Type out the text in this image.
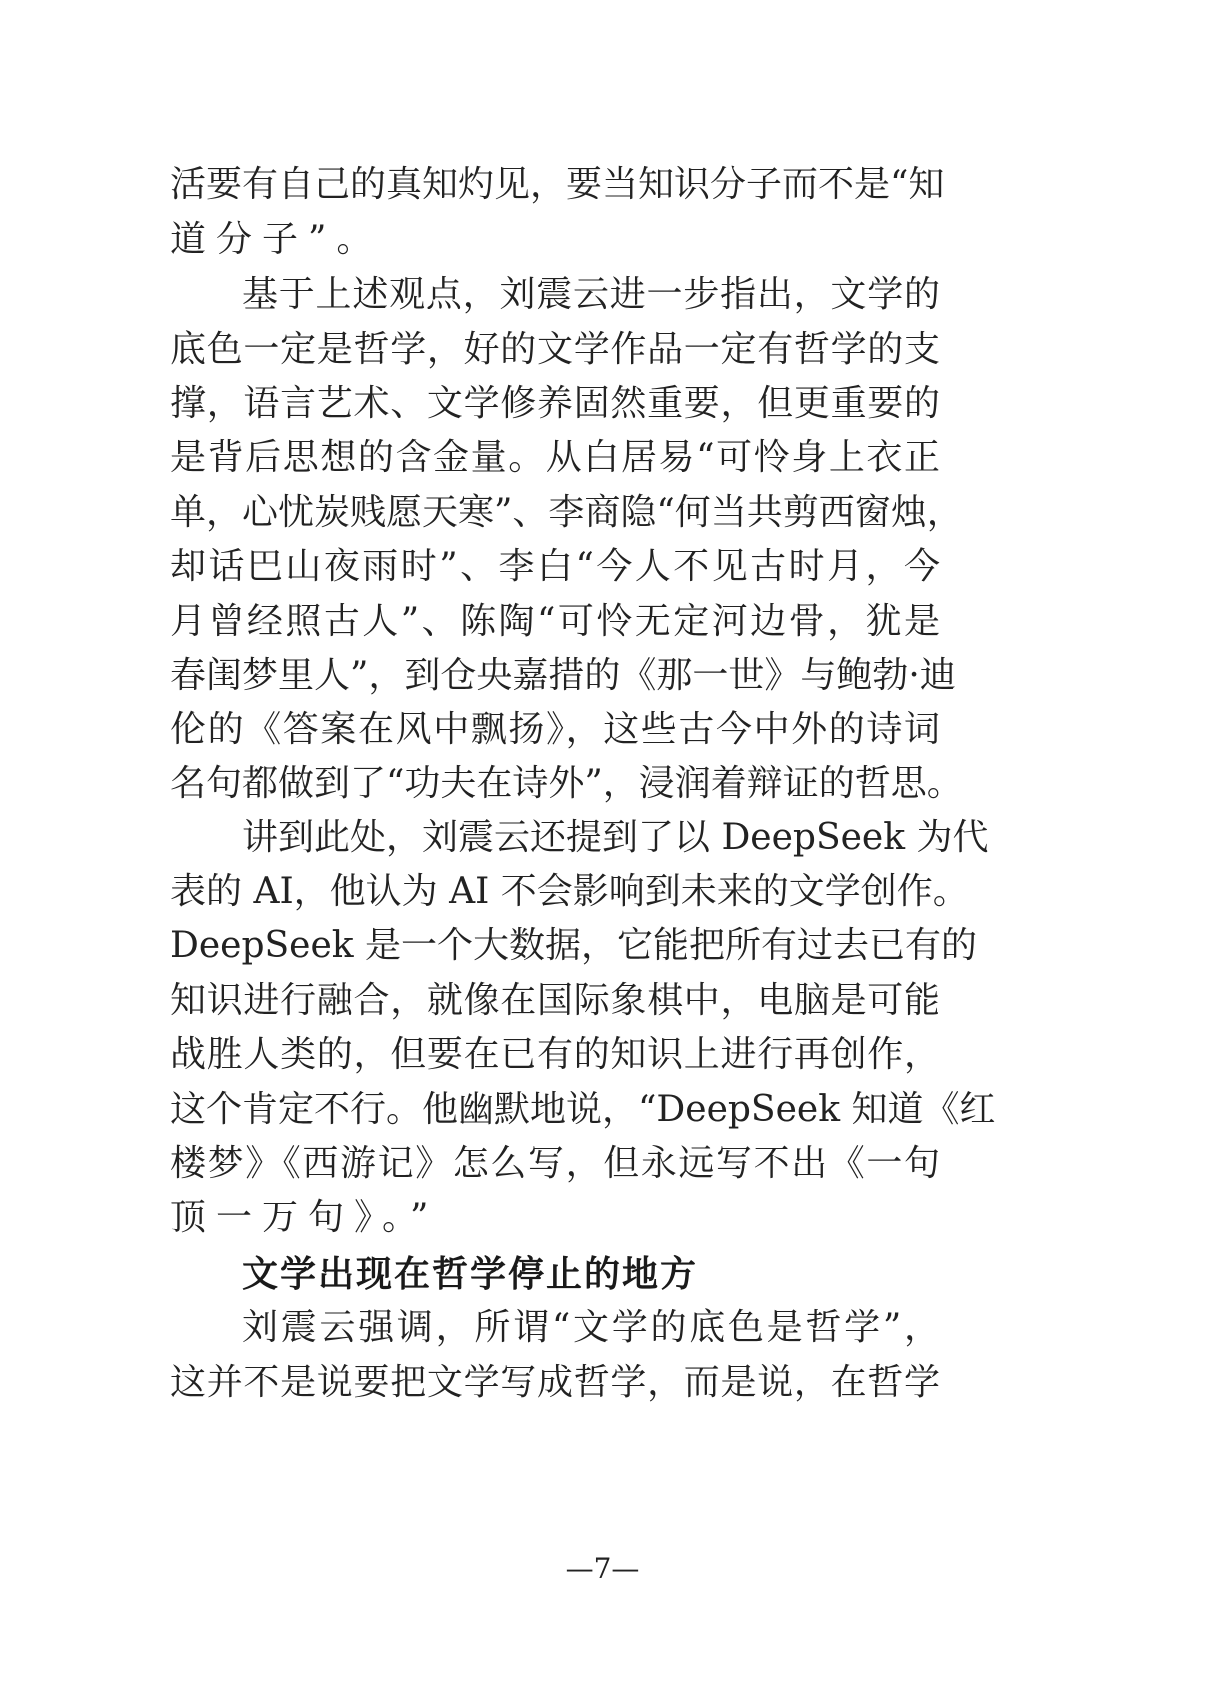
活要有自己的真知灼见，要当知识分子而不是“知
道分子”。
基于上述观点，刘震云进一步指出，文学的
底色一定是哲学，好的文学作品一定有哲学的支
撑，语言艺术、文学修养固然重要，但更重要的
是背后思想的含金量。从白居易“可怜身上衣正
单，心忧炭贱愿天寒”、李商隐“何当共剪西窗烛，
却话巴山夜雨时”、李白“今人不见古时月，今
月曾经照古人”、陈陶“可怜无定河边骨，犹是
春闺梦里人”，到仓央嘉措的《那一世》与鲍勃·迪
伦的《答案在风中飘扬》，这些古今中外的诗词
名句都做到了“功夫在诗外”，浸润着辩证的哲思。
讲到此处，刘震云还提到了以 DeepSeek 为代
表的 AI，他认为 AI 不会影响到未来的文学创作。
DeepSeek 是一个大数据，它能把所有过去已有的
知识进行融合，就像在国际象棋中，电脑是可能
战胜人类的，但要在已有的知识上进行再创作，
这个肯定不行。他幽默地说，“DeepSeek 知道《红
楼梦》《西游记》怎么写，但永远写不出《一句
顶一万句》。”
文学出现在哲学停止的地方
刘震云强调，所谓“文学的底色是哲学”，
这并不是说要把文学写成哲学，而是说，在哲学
—7—
